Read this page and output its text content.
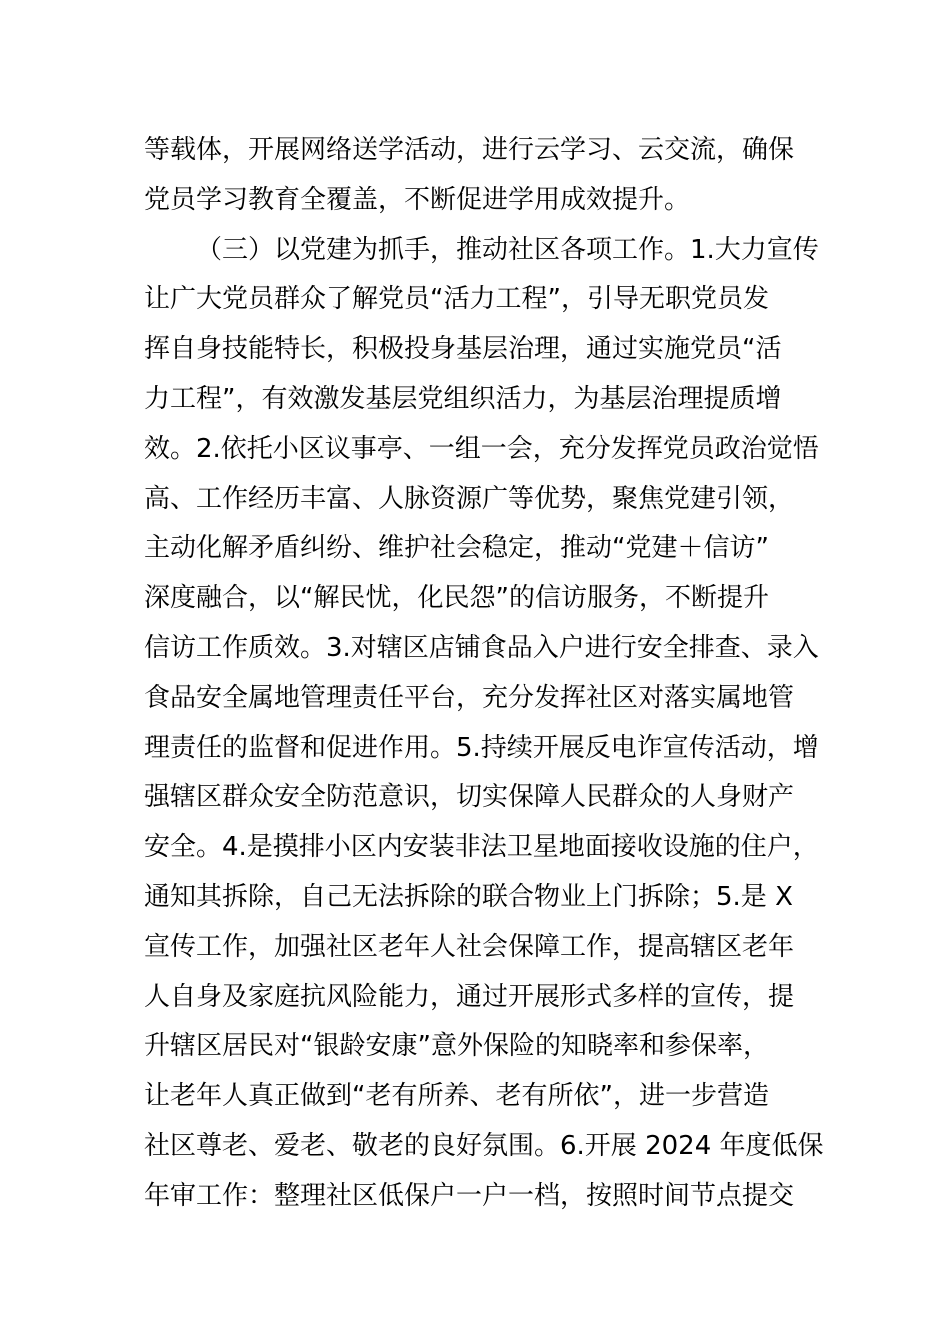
等载体，开展网络送学活动，进行云学习、云交流，确保
党员学习教育全覆盖，不断促进学用成效提升。
（三）以党建为抓手，推动社区各项工作。1.大力宣传
让广大党员群众了解党员“活力工程”，引导无职党员发
挥自身技能特长，积极投身基层治理，通过实施党员“活
力工程”，有效激发基层党组织活力，为基层治理提质增
效。2.依托小区议事亭、一组一会，充分发挥党员政治觉悟
高、工作经历丰富、人脉资源广等优势，聚焦党建引领，
主动化解矛盾纠纷、维护社会稳定，推动“党建＋信访”
深度融合，以“解民忧，化民怨”的信访服务，不断提升
信访工作质效。3.对辖区店铺食品入户进行安全排查、录入
食品安全属地管理责任平台，充分发挥社区对落实属地管
理责任的监督和促进作用。5.持续开展反电诈宣传活动，增
强辖区群众安全防范意识，切实保障人民群众的人身财产
安全。4.是摸排小区内安装非法卫星地面接收设施的住户，
通知其拆除，自己无法拆除的联合物业上门拆除；5.是 X
宣传工作，加强社区老年人社会保障工作，提高辖区老年
人自身及家庭抗风险能力，通过开展形式多样的宣传，提
升辖区居民对“银龄安康”意外保险的知晓率和参保率，
让老年人真正做到“老有所养、老有所依”，进一步营造
社区尊老、爱老、敬老的良好氛围。6.开展 2024 年度低保
年审工作：整理社区低保户一户一档，按照时间节点提交
